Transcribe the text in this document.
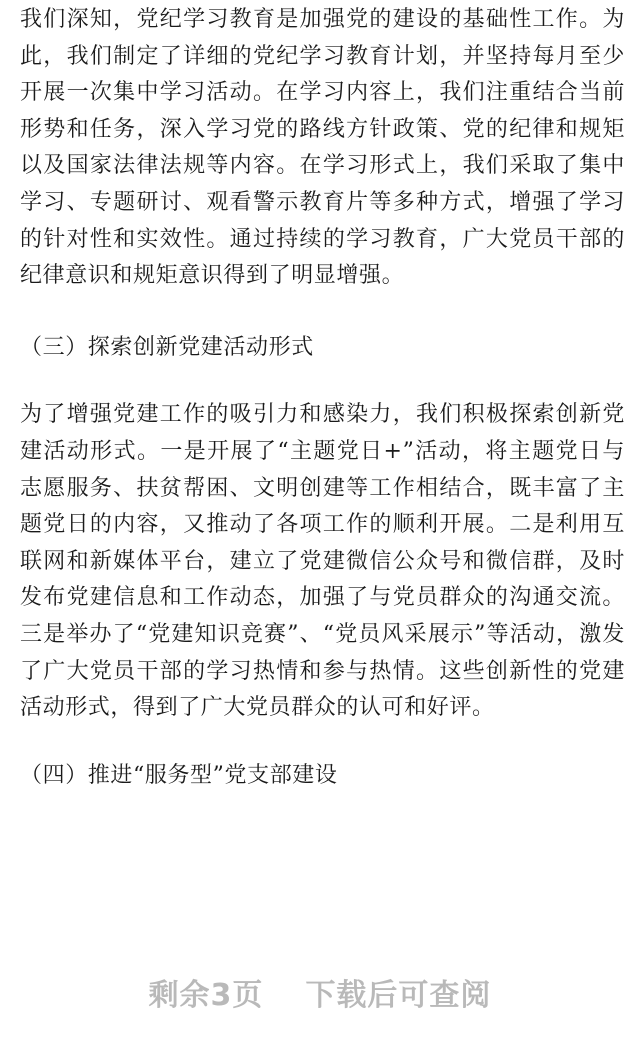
我们深知，党纪学习教育是加强党的建设的基础性工作。为此，我们制定了详细的党纪学习教育计划，并坚持每月至少开展一次集中学习活动。在学习内容上，我们注重结合当前形势和任务，深入学习党的路线方针政策、党的纪律和规矩以及国家法律法规等内容。在学习形式上，我们采取了集中学习、专题研讨、观看警示教育片等多种方式，增强了学习的针对性和实效性。通过持续的学习教育，广大党员干部的纪律意识和规矩意识得到了明显增强。

（三）探索创新党建活动形式

为了增强党建工作的吸引力和感染力，我们积极探索创新党建活动形式。一是开展了“主题党日+”活动，将主题党日与志愿服务、扶贫帮困、文明创建等工作相结合，既丰富了主题党日的内容，又推动了各项工作的顺利开展。二是利用互联网和新媒体平台，建立了党建微信公众号和微信群，及时发布党建信息和工作动态，加强了与党员群众的沟通交流。三是举办了“党建知识竞赛”、“党员风采展示”等活动，激发了广大党员干部的学习热情和参与热情。这些创新性的党建活动形式，得到了广大党员群众的认可和好评。

（四）推进“服务型”党支部建设

剩余3页 下载后可查阅
